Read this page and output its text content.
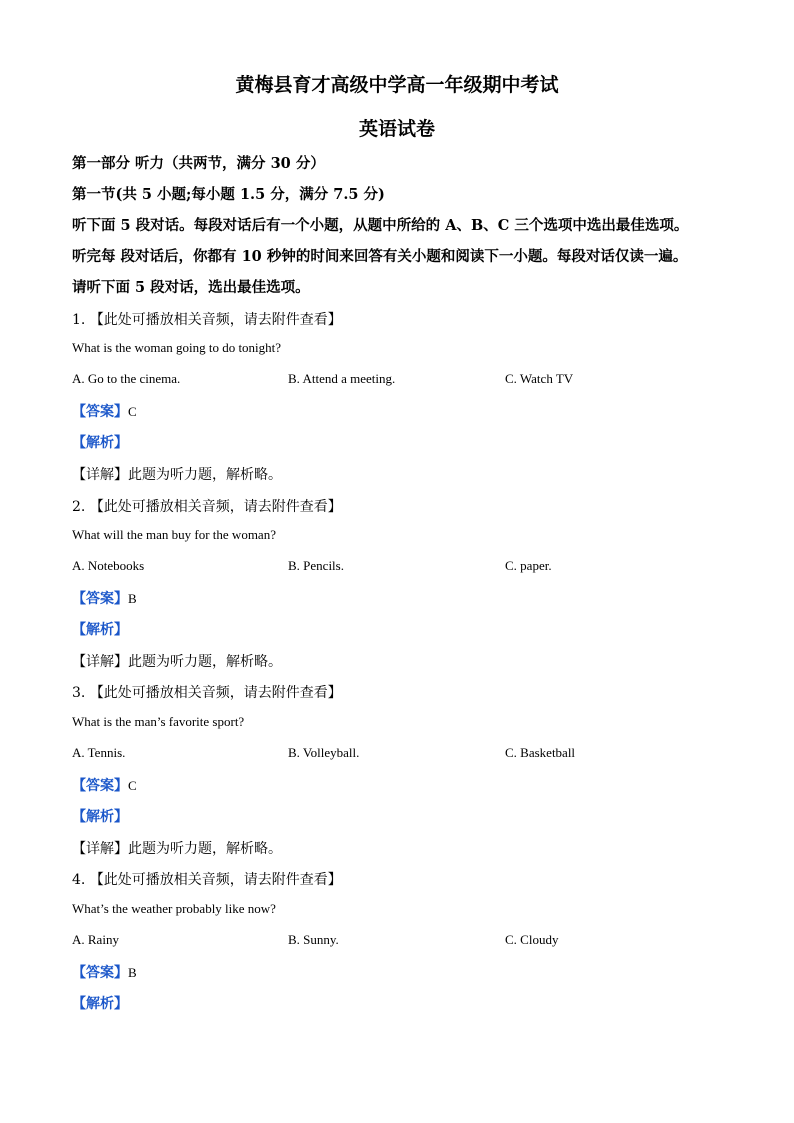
黄梅县育才高级中学高一年级期中考试
英语试卷
第一部分 听力（共两节，满分 30 分）
第一节(共 5 小题;每小题 1.5 分，满分 7.5 分)
听下面 5 段对话。每段对话后有一个小题，从题中所给的 A、B、C 三个选项中选出最佳选项。
听完每 段对话后，你都有 10 秒钟的时间来回答有关小题和阅读下一小题。每段对话仅读一遍。
请听下面 5 段对话，选出最佳选项。
1. 【此处可播放相关音频，请去附件查看】
What is the woman going to do tonight?
A. Go to the cinema.	B. Attend a meeting.	C. Watch TV
【答案】C
【解析】
【详解】此题为听力题，解析略。
2. 【此处可播放相关音频，请去附件查看】
What will the man buy for the woman?
A. Notebooks	B. Pencils.	C. paper.
【答案】B
【解析】
【详解】此题为听力题，解析略。
3. 【此处可播放相关音频，请去附件查看】
What is the man’s favorite sport?
A. Tennis.	B. Volleyball.	C. Basketball
【答案】C
【解析】
【详解】此题为听力题，解析略。
4. 【此处可播放相关音频，请去附件查看】
What’s the weather probably like now?
A. Rainy	B. Sunny.	C. Cloudy
【答案】B
【解析】
